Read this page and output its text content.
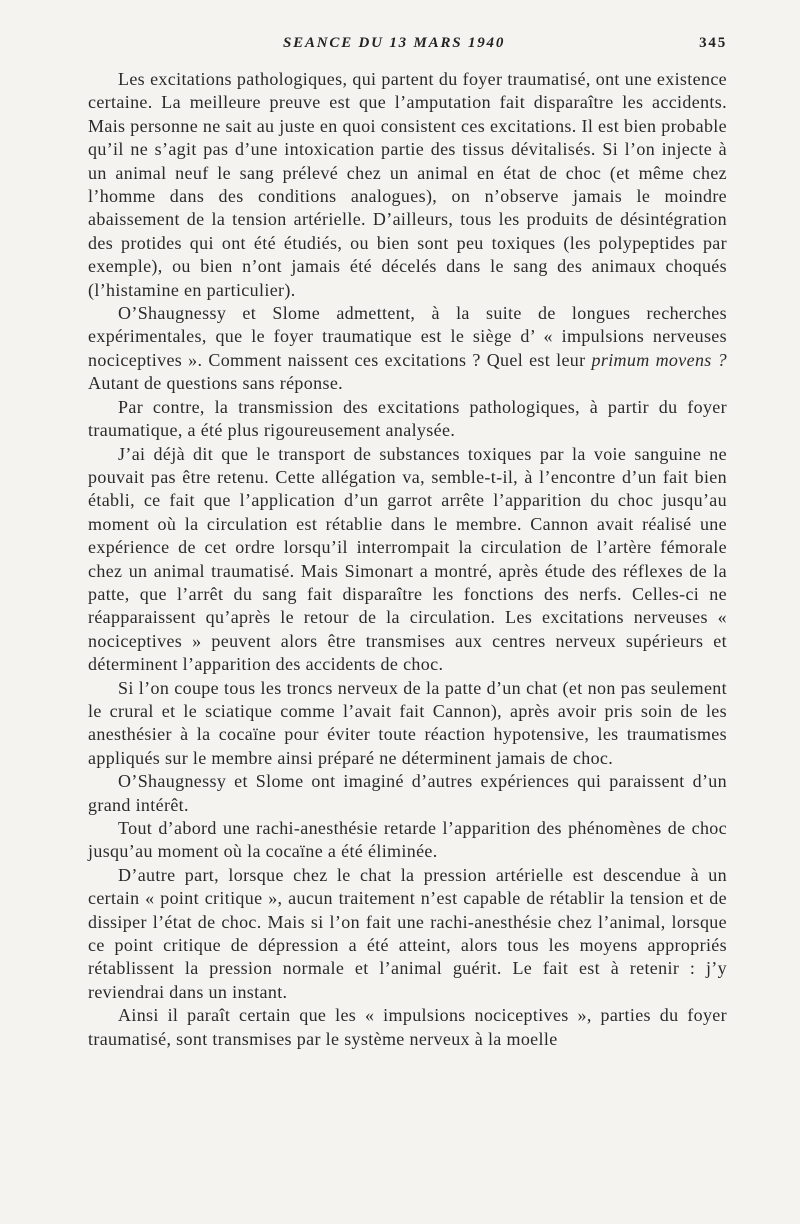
SEANCE DU 13 MARS 1940	345

Les excitations pathologiques, qui partent du foyer traumatisé, ont une existence certaine. La meilleure preuve est que l’amputation fait disparaître les accidents. Mais personne ne sait au juste en quoi consistent ces excitations. Il est bien probable qu’il ne s’agit pas d’une intoxication partie des tissus dévitalisés. Si l’on injecte à un animal neuf le sang prélevé chez un animal en état de choc (et même chez l’homme dans des conditions analogues), on n’observe jamais le moindre abaissement de la tension artérielle. D’ailleurs, tous les produits de désintégration des protides qui ont été étudiés, ou bien sont peu toxiques (les polypeptides par exemple), ou bien n’ont jamais été décelés dans le sang des animaux choqués (l’histamine en particulier).

O’Shaugnessy et Slome admettent, à la suite de longues recherches expérimentales, que le foyer traumatique est le siège d’ « impulsions nerveuses nociceptives ». Comment naissent ces excitations ? Quel est leur primum movens ? Autant de questions sans réponse.

Par contre, la transmission des excitations pathologiques, à partir du foyer traumatique, a été plus rigoureusement analysée.

J’ai déjà dit que le transport de substances toxiques par la voie sanguine ne pouvait pas être retenu. Cette allégation va, semble-t-il, à l’encontre d’un fait bien établi, ce fait que l’application d’un garrot arrête l’apparition du choc jusqu’au moment où la circulation est rétablie dans le membre. Cannon avait réalisé une expérience de cet ordre lorsqu’il interrompait la circulation de l’artère fémorale chez un animal traumatisé. Mais Simonart a montré, après étude des réflexes de la patte, que l’arrêt du sang fait disparaître les fonctions des nerfs. Celles-ci ne réapparaissent qu’après le retour de la circulation. Les excitations nerveuses « nociceptives » peuvent alors être transmises aux centres nerveux supérieurs et déterminent l’apparition des accidents de choc.

Si l’on coupe tous les troncs nerveux de la patte d’un chat (et non pas seulement le crural et le sciatique comme l’avait fait Cannon), après avoir pris soin de les anesthésier à la cocaïne pour éviter toute réaction hypotensive, les traumatismes appliqués sur le membre ainsi préparé ne déterminent jamais de choc.

O’Shaugnessy et Slome ont imaginé d’autres expériences qui paraissent d’un grand intérêt.

Tout d’abord une rachi-anesthésie retarde l’apparition des phénomènes de choc jusqu’au moment où la cocaïne a été éliminée.

D’autre part, lorsque chez le chat la pression artérielle est descendue à un certain « point critique », aucun traitement n’est capable de rétablir la tension et de dissiper l’état de choc. Mais si l’on fait une rachi-anesthésie chez l’animal, lorsque ce point critique de dépression a été atteint, alors tous les moyens appropriés rétablissent la pression normale et l’animal guérit. Le fait est à retenir : j’y reviendrai dans un instant.

Ainsi il paraît certain que les « impulsions nociceptives », parties du foyer traumatisé, sont transmises par le système nerveux à la moelle
